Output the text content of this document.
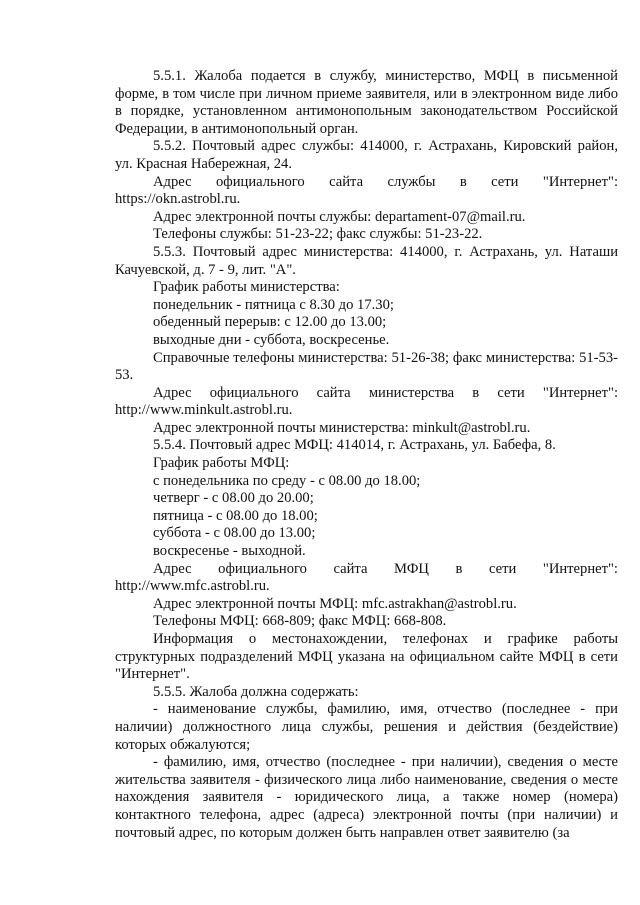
5.5.1. Жалоба подается в службу, министерство, МФЦ в письменной форме, в том числе при личном приеме заявителя, или в электронном виде либо в порядке, установленном антимонопольным законодательством Российской Федерации, в антимонопольный орган.

5.5.2. Почтовый адрес службы: 414000, г. Астрахань, Кировский район, ул. Красная Набережная, 24.

Адрес официального сайта службы в сети "Интернет": https://okn.astrobl.ru.

Адрес электронной почты службы: departament-07@mail.ru.

Телефоны службы: 51-23-22; факс службы: 51-23-22.

5.5.3. Почтовый адрес министерства: 414000, г. Астрахань, ул. Наташи Качуевской, д. 7 - 9, лит. "А".

График работы министерства:

понедельник - пятница с 8.30 до 17.30;

обеденный перерыв: с 12.00 до 13.00;

выходные дни - суббота, воскресенье.

Справочные телефоны министерства: 51-26-38; факс министерства: 51-53-53.

Адрес официального сайта министерства в сети "Интернет": http://www.minkult.astrobl.ru.

Адрес электронной почты министерства: minkult@astrobl.ru.

5.5.4. Почтовый адрес МФЦ: 414014, г. Астрахань, ул. Бабефа, 8.

График работы МФЦ:

с понедельника по среду - с 08.00 до 18.00;

четверг - с 08.00 до 20.00;

пятница - с 08.00 до 18.00;

суббота - с 08.00 до 13.00;

воскресенье - выходной.

Адрес официального сайта МФЦ в сети "Интернет": http://www.mfc.astrobl.ru.

Адрес электронной почты МФЦ: mfc.astrakhan@astrobl.ru.

Телефоны МФЦ: 668-809; факс МФЦ: 668-808.

Информация о местонахождении, телефонах и графике работы структурных подразделений МФЦ указана на официальном сайте МФЦ в сети "Интернет".

5.5.5. Жалоба должна содержать:

- наименование службы, фамилию, имя, отчество (последнее - при наличии) должностного лица службы, решения и действия (бездействие) которых обжалуются;

- фамилию, имя, отчество (последнее - при наличии), сведения о месте жительства заявителя - физического лица либо наименование, сведения о месте нахождения заявителя - юридического лица, а также номер (номера) контактного телефона, адрес (адреса) электронной почты (при наличии) и почтовый адрес, по которым должен быть направлен ответ заявителю (за
